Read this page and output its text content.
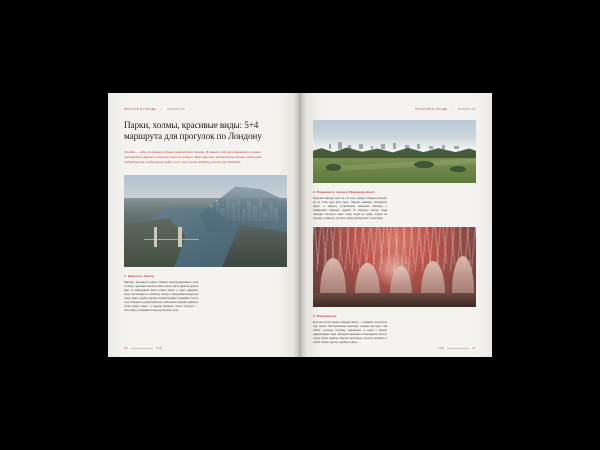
ПРОСТОЙ В ГОРОДЕ — МАРШРУТЫ
Парки, холмы, красивые виды: 5+4 маршрута для прогулок по Лондону

Лондон — один из самых зелёных европейских столиц. В нашем гиде рассказываем о самых интересных парках и зонах на свежем воздухе. Вот правила: активность лёгкая, небольшие подкрепления в небольшом кафе и то, что лучше любить устали от Лондона.

1. Крепость Темзы
Маршрут начинается возле главного железнодорожного узла столицы, где можно выпить кофе и взять карту. Дальше дорога идёт по набережной мимо старых доков, и через двадцать минут вы выходите к зелёному склону с панорамным видом на город. Здесь удобно сделать первый привал: скамейки стоят в тени платанов, а рядом работает небольшая кофейня. Дальше тропа уходит вверх, и подъём занимает около получаса — зато сверху открывается вид на излучину реки.
26	ГИД
ПРОСТОЙ В ГОРОДЕ — МАРШРУТЫ
2. Поднимите город в Примроуз-Хилл
Короткий маршрут для тех, кто хочет увидеть Лондон целиком, но не готов идти весь день. Подъём занимает пятнадцать минут, а наверху установлена каменная табличка с названиями видимых зданий. В хорошую погоду сюда приходят смотреть закат: люди сидят на траве, играют на гитарах, и кажется, что весь город принадлежит только вам.
3. Подземелье
Если вы хотите увидеть Лондон иначе — с изнанки, спуститесь под землю. Викторианская насосная станция выглядит как собор: чугунные колонны, крашенные в алый и белый, поддерживают свод. Экскурсии проходят по выходным, билеты лучше брать заранее. Внутри прохладно, поэтому возьмите с собой тёплую куртку и удобную обувь.
ГИД	27
